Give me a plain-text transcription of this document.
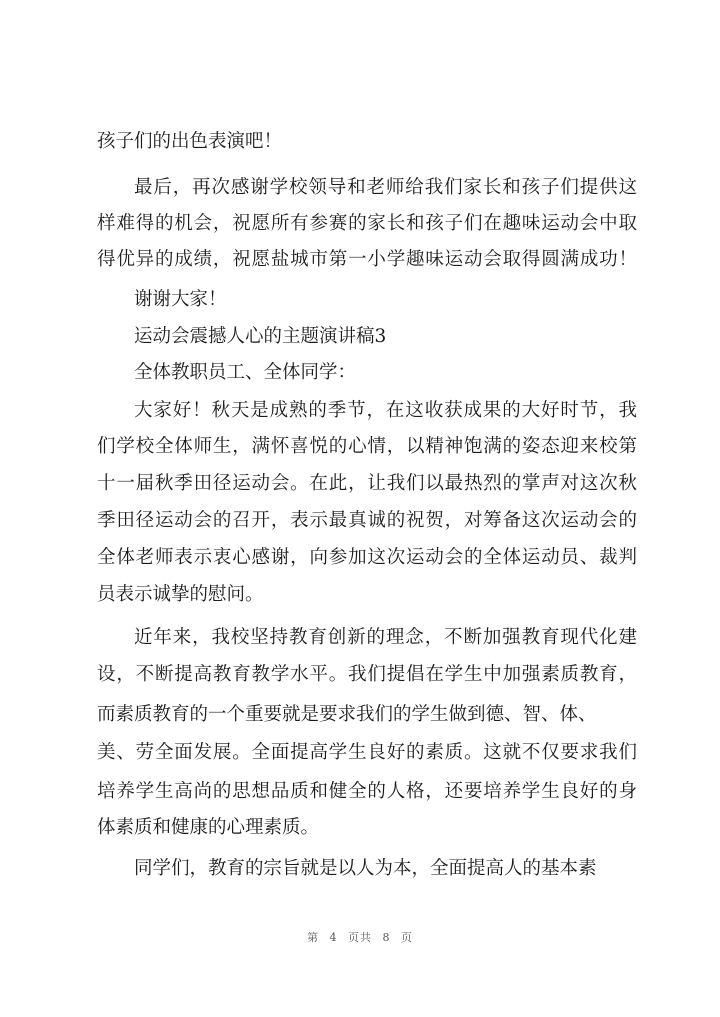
孩子们的出色表演吧！
最后，再次感谢学校领导和老师给我们家长和孩子们提供这
样难得的机会，祝愿所有参赛的家长和孩子们在趣味运动会中取
得优异的成绩，祝愿盐城市第一小学趣味运动会取得圆满成功！
谢谢大家！
运动会震撼人心的主题演讲稿3
全体教职员工、全体同学：
大家好！秋天是成熟的季节，在这收获成果的大好时节，我
们学校全体师生，满怀喜悦的心情，以精神饱满的姿态迎来校第
十一届秋季田径运动会。在此，让我们以最热烈的掌声对这次秋
季田径运动会的召开，表示最真诚的祝贺，对筹备这次运动会的
全体老师表示衷心感谢，向参加这次运动会的全体运动员、裁判
员表示诚挚的慰问。
近年来，我校坚持教育创新的理念，不断加强教育现代化建
设，不断提高教育教学水平。我们提倡在学生中加强素质教育，
而素质教育的一个重要就是要求我们的学生做到德、智、体、
美、劳全面发展。全面提高学生良好的素质。这就不仅要求我们
培养学生高尚的思想品质和健全的人格，还要培养学生良好的身
体素质和健康的心理素质。
同学们，教育的宗旨就是以人为本，全面提高人的基本素
第 4 页共 8 页
